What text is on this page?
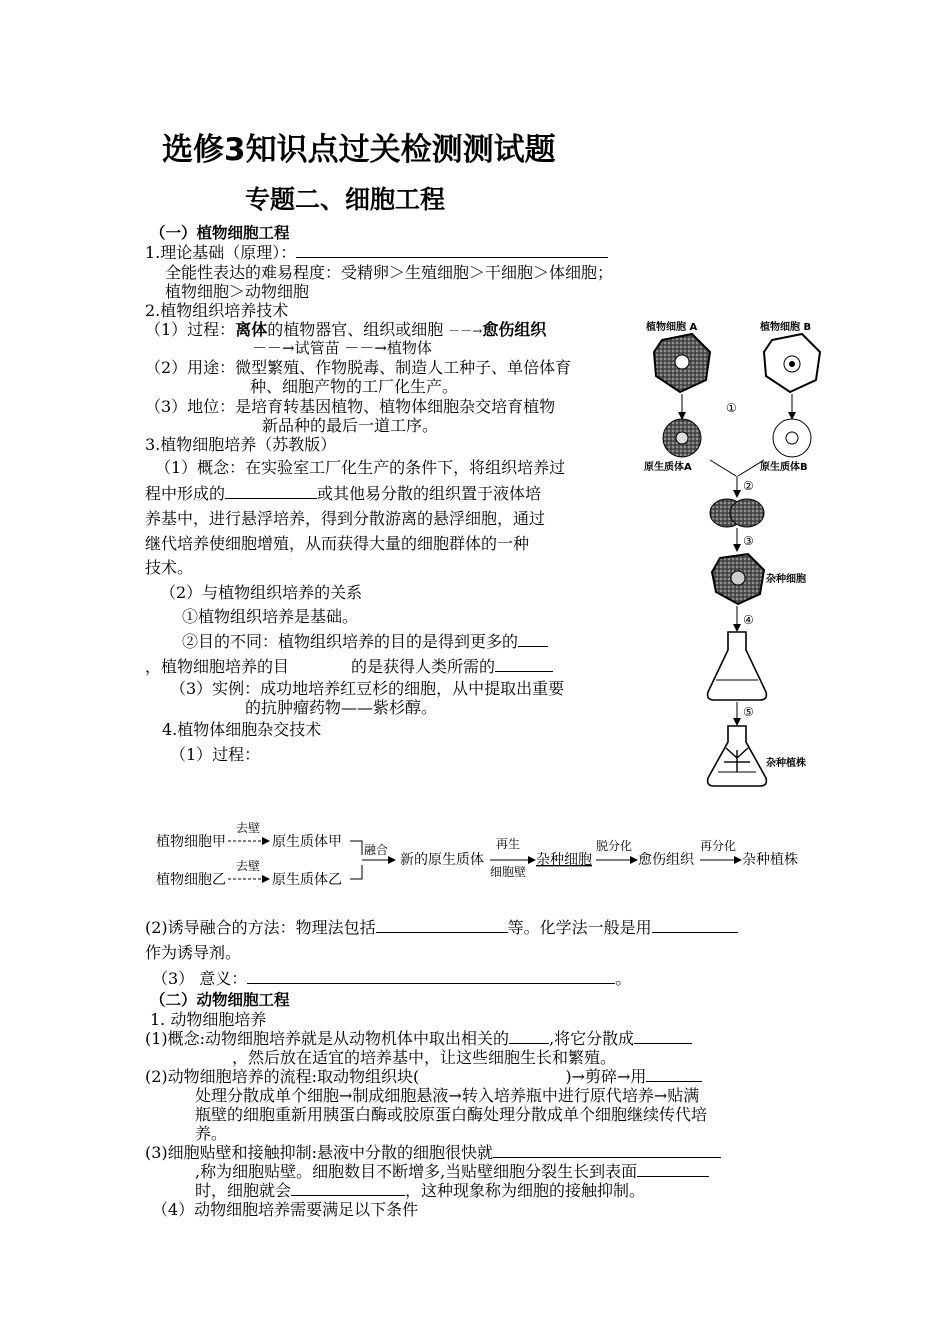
选修3知识点过关检测测试题
专题二、细胞工程
（一）植物细胞工程
1.理论基础（原理）：
全能性表达的难易程度：受精卵＞生殖细胞＞干细胞＞体细胞；
植物细胞＞动物细胞
2.植物组织培养技术
（1）过程：离体的植物器官、组织或细胞 －－→愈伤组织
－－→试管苗 －－→植物体
（2）用途：微型繁殖、作物脱毒、制造人工种子、单倍体育
种、细胞产物的工厂化生产。
（3）地位：是培育转基因植物、植物体细胞杂交培育植物
新品种的最后一道工序。
3.植物细胞培养（苏教版）
（1）概念：在实验室工厂化生产的条件下，将组织培养过
程中形成的	或其他易分散的组织置于液体培
养基中，进行悬浮培养，得到分散游离的悬浮细胞，通过
继代培养使细胞增殖，从而获得大量的细胞群体的一种
技术。
（2）与植物组织培养的关系
①植物组织培养是基础。
②目的不同：植物组织培养的目的是得到更多的
，植物细胞培养的目	的是获得人类所需的
（3）实例：成功地培养红豆杉的细胞，从中提取出重要
的抗肿瘤药物——紫杉醇。
4.植物体细胞杂交技术
（1）过程：
植物细胞 A	植物细胞 B
①
原生质体A	原生质体B
②
③
杂种细胞
④
⑤
杂种植株
植物细胞甲
植物细胞乙
去壁
去壁
原生质体甲
原生质体乙
融合
新的原生质体
再生
细胞壁
杂种细胞
脱分化
愈伤组织
再分化
杂种植株
(2)诱导融合的方法：物理法包括	等。化学法一般是用
作为诱导剂。
（3） 意义：	。
（二）动物细胞工程
1. 动物细胞培养
(1)概念:动物细胞培养就是从动物机体中取出相关的	,将它分散成
，然后放在适宜的培养基中，让这些细胞生长和繁殖。
(2)动物细胞培养的流程:取动物组织块(	)→剪碎→用
处理分散成单个细胞→制成细胞悬液→转入培养瓶中进行原代培养→贴满
瓶壁的细胞重新用胰蛋白酶或胶原蛋白酶处理分散成单个细胞继续传代培
养。
(3)细胞贴壁和接触抑制:悬液中分散的细胞很快就
,称为细胞贴壁。细胞数目不断增多,当贴壁细胞分裂生长到表面
时，细胞就会	，这种现象称为细胞的接触抑制。
（4）动物细胞培养需要满足以下条件
